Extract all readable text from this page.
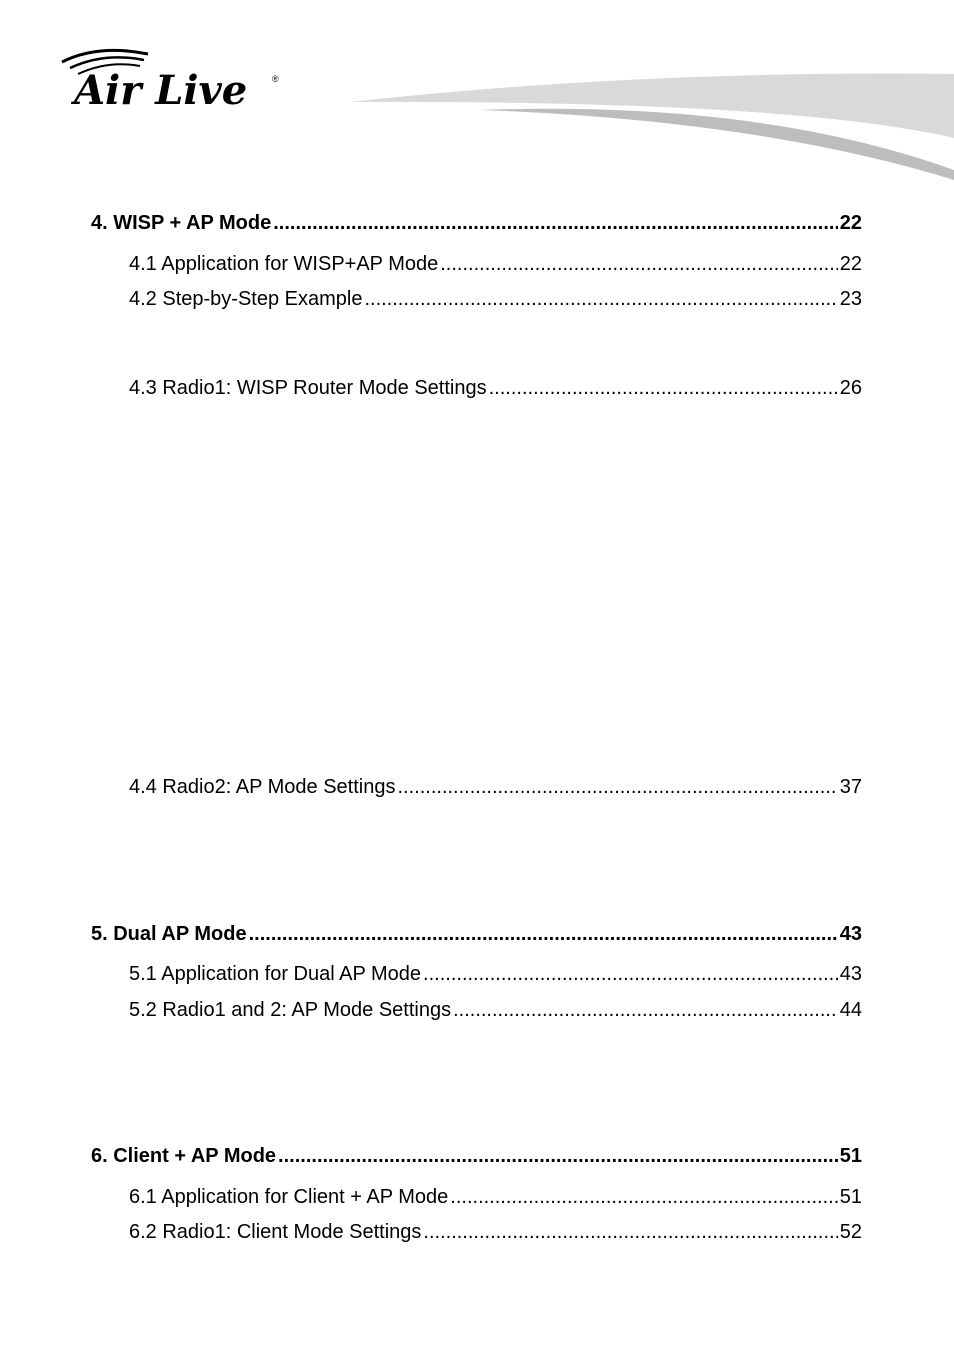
Air Live	®
4. WISP + AP Mode .....	22
4.1 Application for WISP+AP Mode .....	22
4.2 Step-by-Step Example .....	23
4.3 Radio1: WISP Router Mode Settings .....	26
4.4 Radio2: AP Mode Settings .....	37
5. Dual AP Mode .....	43
5.1 Application for Dual AP Mode .....	43
5.2 Radio1 and 2: AP Mode Settings .....	44
6. Client + AP Mode .....	51
6.1 Application for Client + AP Mode .....	51
6.2 Radio1: Client Mode Settings .....	52
